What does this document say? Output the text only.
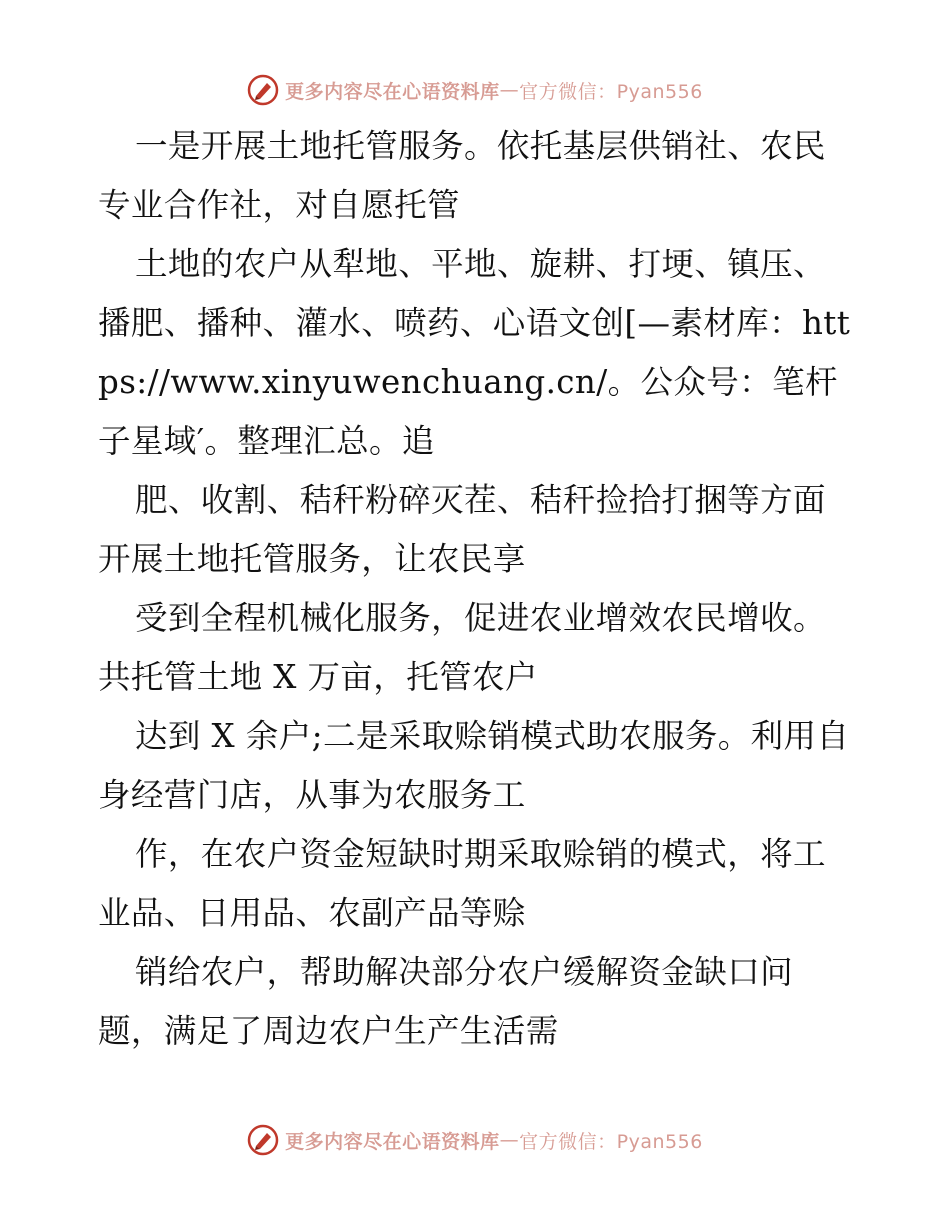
更多内容尽在心语资料库 — 官方微信：Pyan556

一是开展土地托管服务。依托基层供销社、农民专业合作社，对自愿托管

土地的农户从犁地、平地、旋耕、打埂、镇压、播肥、播种、灌水、喷药、心语文创[—素材库：https://www.xinyuwenchuang.cn/。公众号：笔杆子星域′。整理汇总。追

肥、收割、秸秆粉碎灭茬、秸秆捡拾打捆等方面开展土地托管服务，让农民享

受到全程机械化服务，促进农业增效农民增收。共托管土地 X 万亩，托管农户

达到 X 余户;二是采取赊销模式助农服务。利用自身经营门店，从事为农服务工

作，在农户资金短缺时期采取赊销的模式，将工业品、日用品、农副产品等赊

销给农户，帮助解决部分农户缓解资金缺口问题，满足了周边农户生产生活需

更多内容尽在心语资料库 — 官方微信：Pyan556
